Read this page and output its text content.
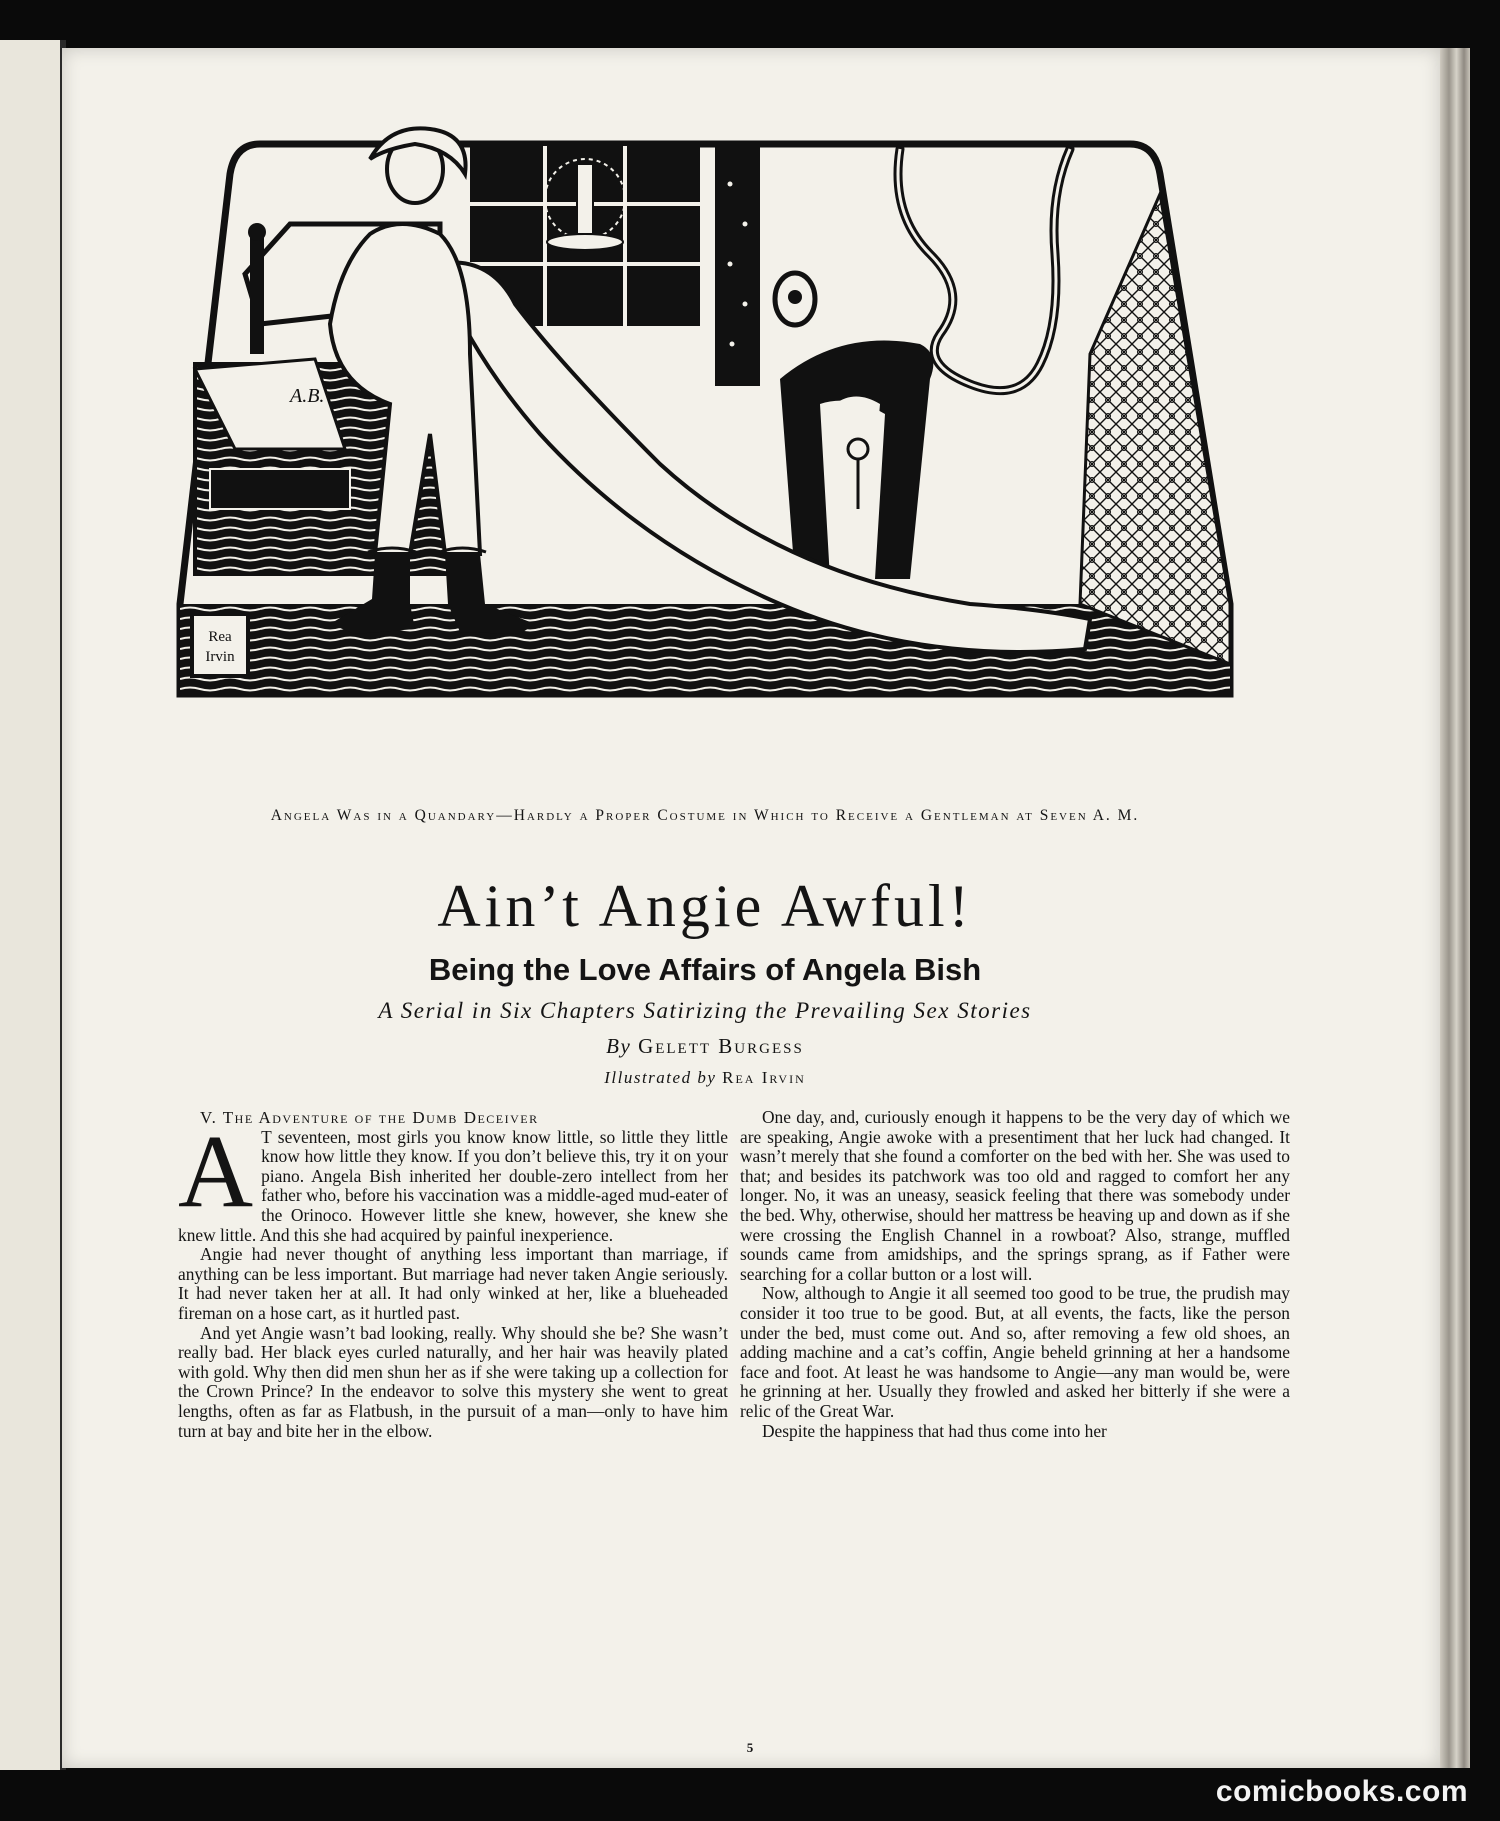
A.B.
Rea Irvin
Angela Was in a Quandary—Hardly a Proper Costume in Which to Receive a Gentleman at Seven A. M.
Ain’t Angie Awful!
Being the Love Affairs of Angela Bish
A Serial in Six Chapters Satirizing the Prevailing Sex Stories
By Gelett Burgess
Illustrated by Rea Irvin

V. The Adventure of the Dumb Deceiver

A T seventeen, most girls you know know little, so little they little know how little they know. If you don’t believe this, try it on your piano. Angela Bish inherited her double-zero intellect from her father who, before his vaccination was a middle-aged mud-eater of the Orinoco. However little she knew, however, she knew she knew little. And this she had acquired by painful inexperience.

Angie had never thought of anything less important than marriage, if anything can be less important. But marriage had never taken Angie seriously. It had never taken her at all. It had only winked at her, like a blueheaded fireman on a hose cart, as it hurtled past.

And yet Angie wasn’t bad looking, really. Why should she be? She wasn’t really bad. Her black eyes curled naturally, and her hair was heavily plated with gold. Why then did men shun her as if she were taking up a collection for the Crown Prince? In the endeavor to solve this mystery she went to great lengths, often as far as Flatbush, in the pursuit of a man—only to have him turn at bay and bite her in the elbow.

One day, and, curiously enough it happens to be the very day of which we are speaking, Angie awoke with a presentiment that her luck had changed. It wasn’t merely that she found a comforter on the bed with her. She was used to that; and besides its patchwork was too old and ragged to comfort her any longer. No, it was an uneasy, seasick feeling that there was somebody under the bed. Why, otherwise, should her mattress be heaving up and down as if she were crossing the English Channel in a rowboat? Also, strange, muffled sounds came from amidships, and the springs sprang, as if Father were searching for a collar button or a lost will.

Now, although to Angie it all seemed too good to be true, the prudish may consider it too true to be good. But, at all events, the facts, like the person under the bed, must come out. And so, after removing a few old shoes, an adding machine and a cat’s coffin, Angie beheld grinning at her a handsome face and foot. At least he was handsome to Angie—any man would be, were he grinning at her. Usually they frowled and asked her bitterly if she were a relic of the Great War.

Despite the happiness that had thus come into her

5
comicbooks.com
